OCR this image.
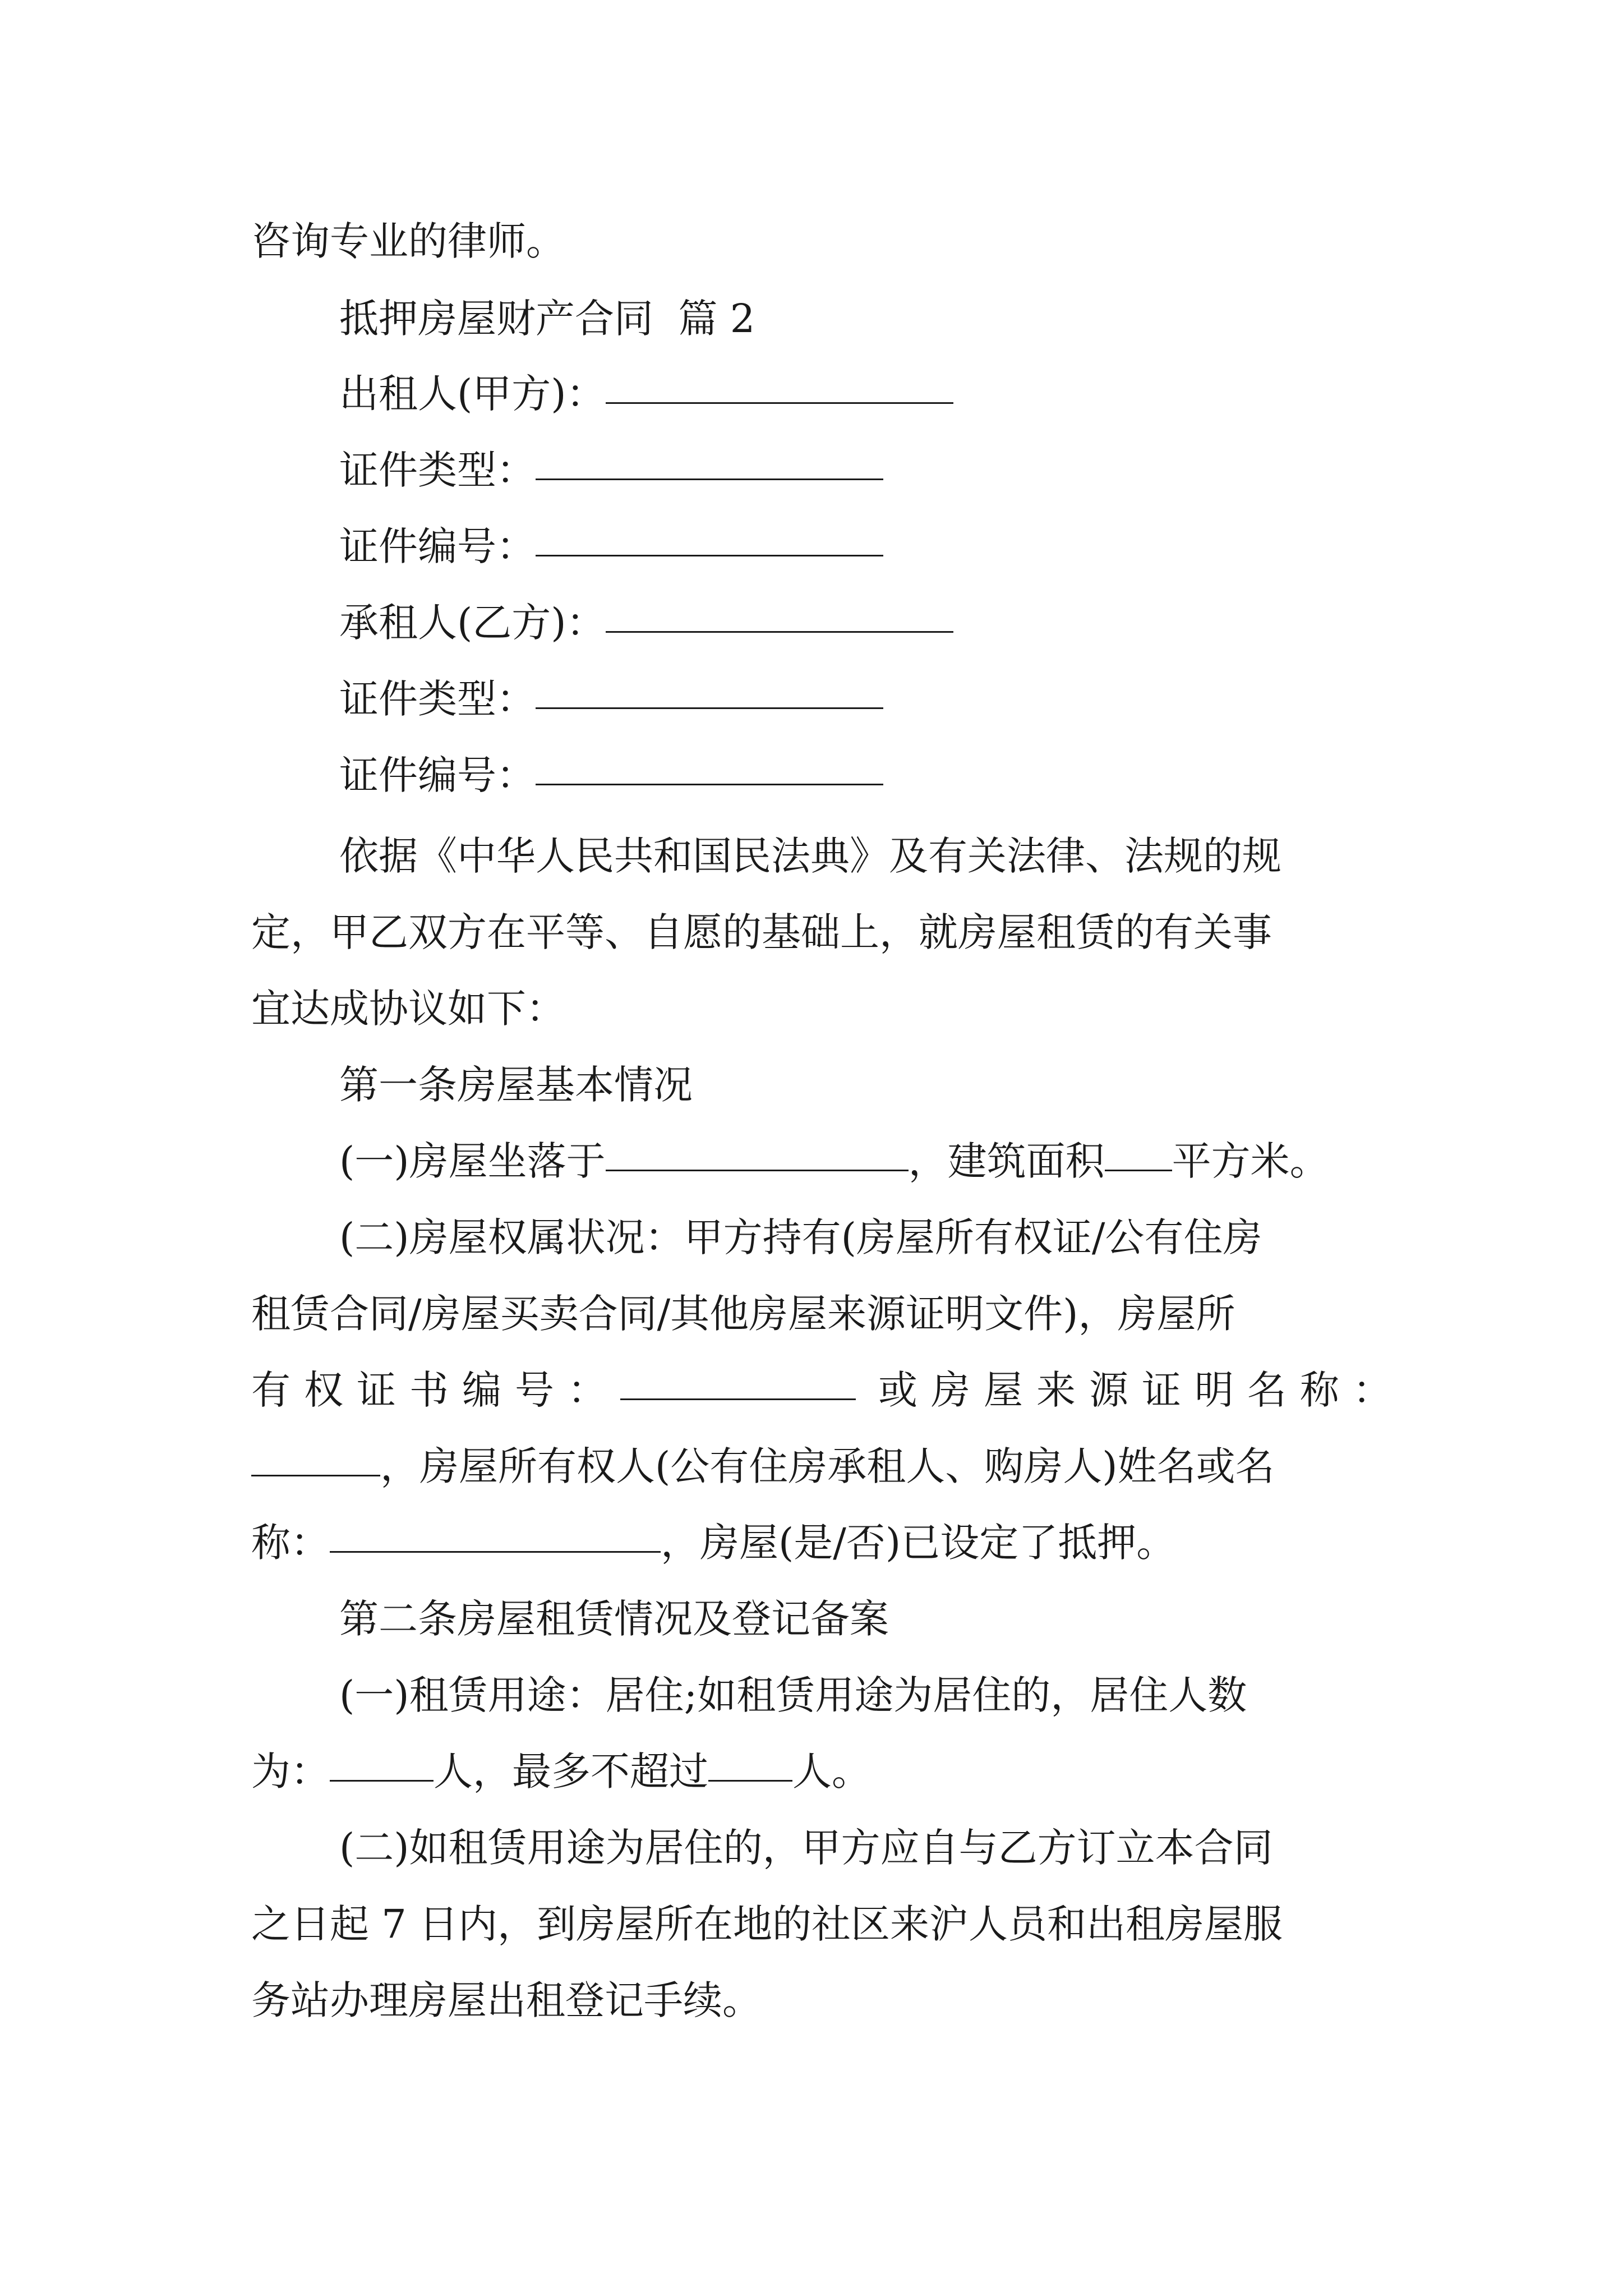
咨询专业的律师。
抵押房屋财产合同  篇 2
出租人(甲方)：
证件类型：
证件编号：
承租人(乙方)：
证件类型：
证件编号：
依据《中华人民共和国民法典》及有关法律、法规的规
定，甲乙双方在平等、自愿的基础上，就房屋租赁的有关事
宜达成协议如下：
第一条房屋基本情况
(一)房屋坐落于	，建筑面积 平方米。
(二)房屋权属状况：甲方持有(房屋所有权证/公有住房
租赁合同/房屋买卖合同/其他房屋来源证明文件)，房屋所
有权证书编号：	或房屋来源证明名称：
，房屋所有权人(公有住房承租人、购房人)姓名或名
称：	，房屋(是/否)已设定了抵押。
第二条房屋租赁情况及登记备案
(一)租赁用途：居住;如租赁用途为居住的，居住人数
为：	人，最多不超过 人。
(二)如租赁用途为居住的，甲方应自与乙方订立本合同
之日起 7 日内，到房屋所在地的社区来沪人员和出租房屋服
务站办理房屋出租登记手续。
